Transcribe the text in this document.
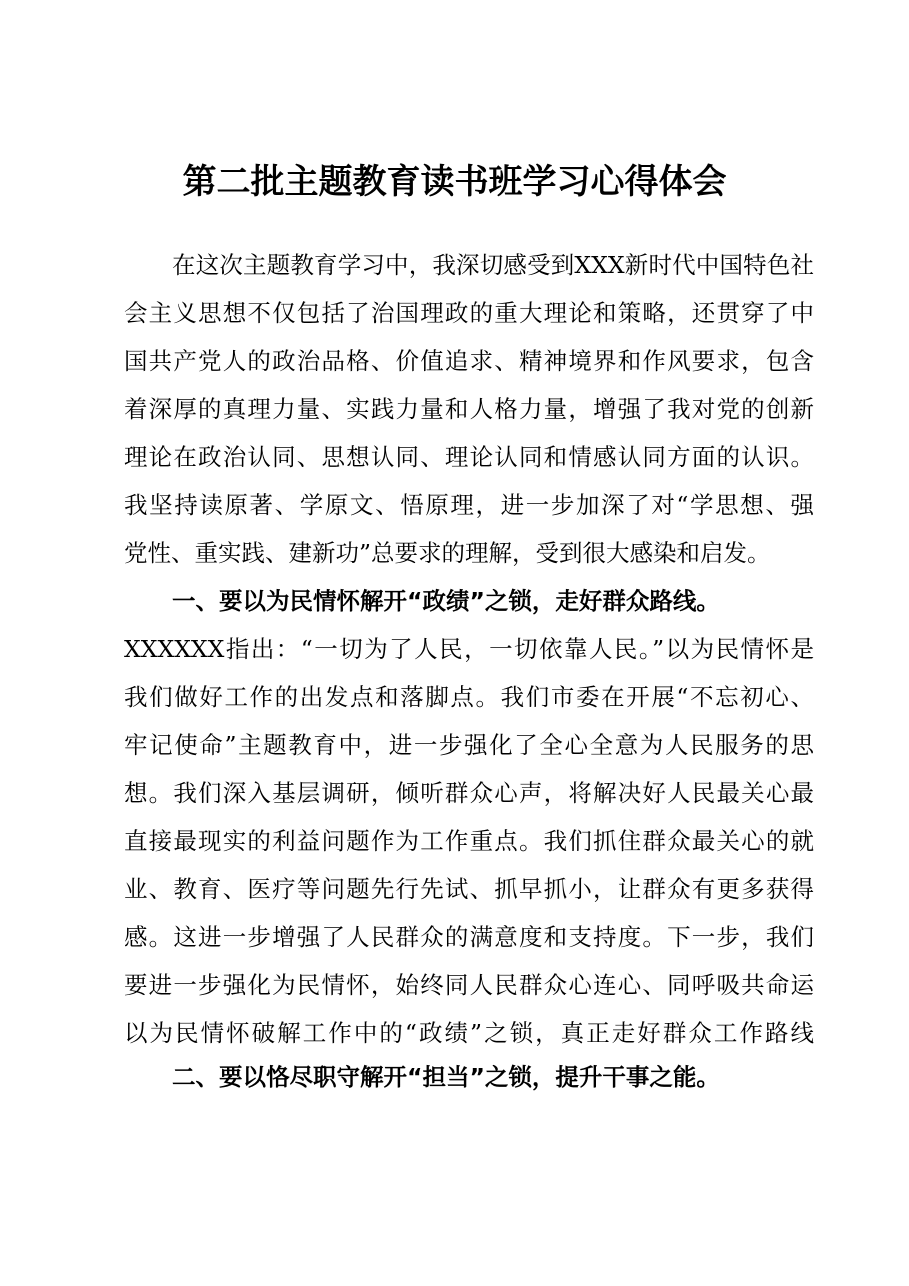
第二批主题教育读书班学习心得体会
在这次主题教育学习中，我深切感受到XXX新时代中国特色社
会主义思想不仅包括了治国理政的重大理论和策略，还贯穿了中
国共产党人的政治品格、价值追求、精神境界和作风要求，包含
着深厚的真理力量、实践力量和人格力量，增强了我对党的创新
理论在政治认同、思想认同、理论认同和情感认同方面的认识。
我坚持读原著、学原文、悟原理，进一步加深了对“学思想、强
党性、重实践、建新功”总要求的理解，受到很大感染和启发。
一、要以为民情怀解开“政绩”之锁，走好群众路线。
XXXXXX指出：“一切为了人民，一切依靠人民。”以为民情怀是
我们做好工作的出发点和落脚点。我们市委在开展“不忘初心、
牢记使命”主题教育中，进一步强化了全心全意为人民服务的思
想。我们深入基层调研，倾听群众心声，将解决好人民最关心最
直接最现实的利益问题作为工作重点。我们抓住群众最关心的就
业、教育、医疗等问题先行先试、抓早抓小，让群众有更多获得
感。这进一步增强了人民群众的满意度和支持度。下一步，我们
要进一步强化为民情怀，始终同人民群众心连心、同呼吸共命运
以为民情怀破解工作中的“政绩”之锁，真正走好群众工作路线
二、要以恪尽职守解开“担当”之锁，提升干事之能。
